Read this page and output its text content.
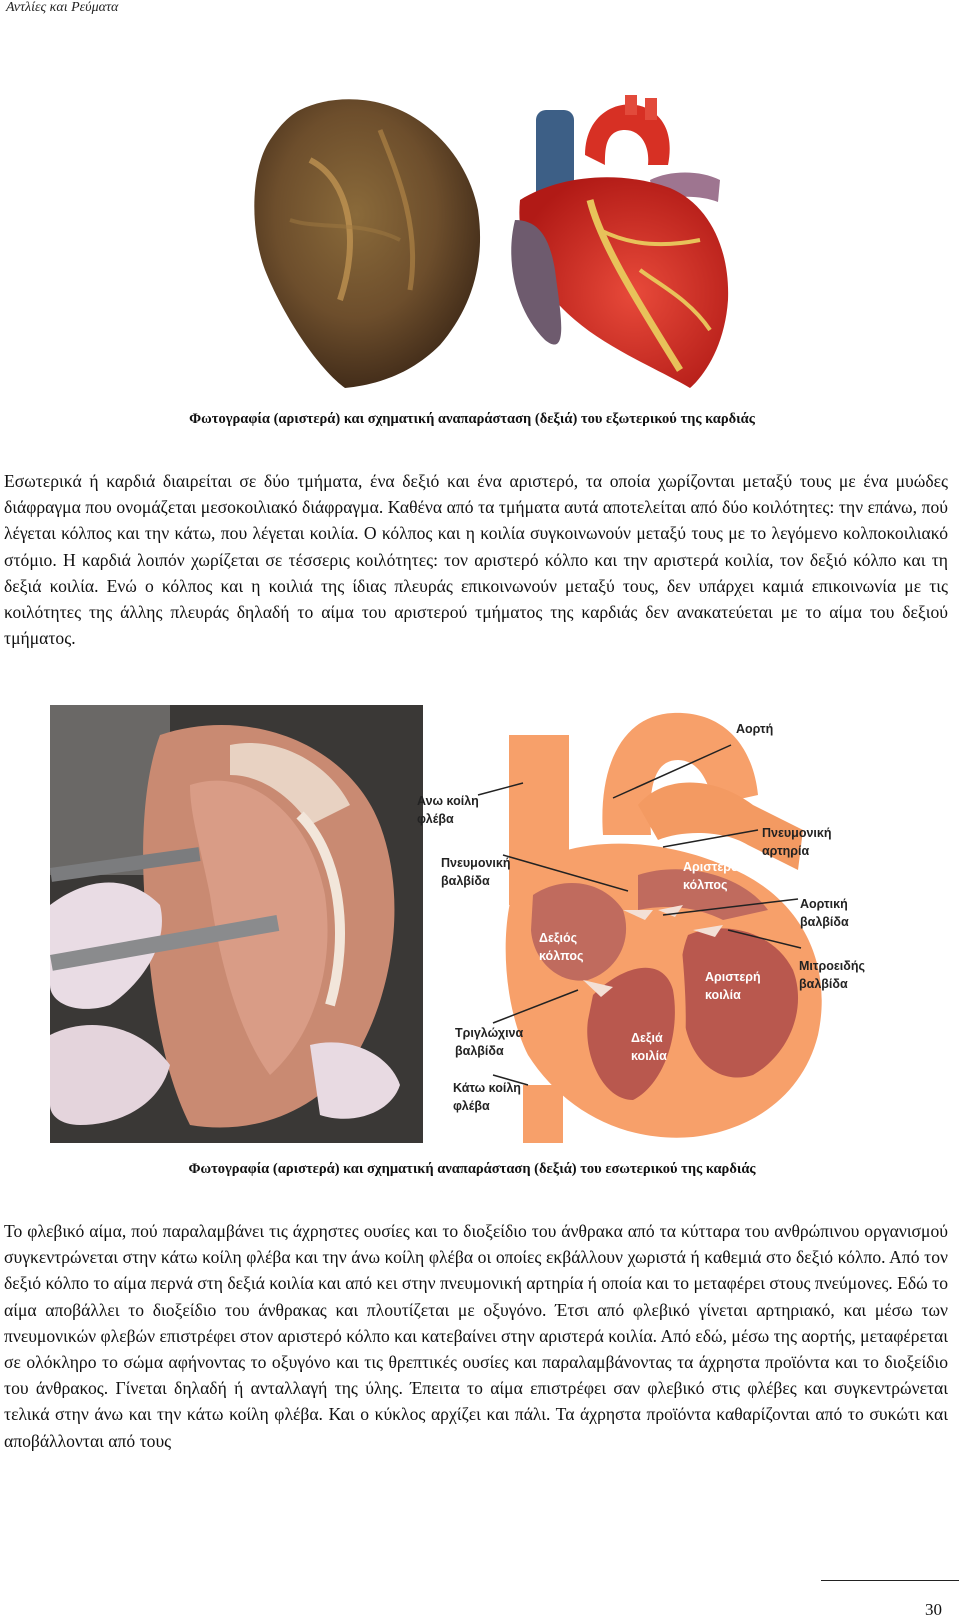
Αντλίες και Ρεύματα
Φωτογραφία (αριστερά) και σχηματική αναπαράσταση (δεξιά) του εξωτερικού της καρδιάς

Εσωτερικά ή καρδιά διαιρείται σε δύο τμήματα, ένα δεξιό και ένα αριστερό, τα οποία χωρίζονται μεταξύ τους με ένα μυώδες διάφραγμα που ονομάζεται μεσοκοιλιακό διάφραγμα. Καθένα από τα τμήματα αυτά αποτελείται από δύο κοιλότητες: την επάνω, πού λέγεται κόλπος και την κάτω, που λέγεται κοιλία. Ο κόλπος και η κοιλία συγκοινωνούν μεταξύ τους με το λεγόμενο κολποκοιλιακό στόμιο. Η καρδιά λοιπόν χωρίζεται σε τέσσερις κοιλότητες: τον αριστερό κόλπο και την αριστερά κοιλία, τον δεξιό κόλπο και τη δεξιά κοιλία. Ενώ ο κόλπος και η κοιλιά της ίδιας πλευράς επικοινωνούν μεταξύ τους, δεν υπάρχει καμιά επικοινωνία με τις κοιλότητες της άλλης πλευράς δηλαδή το αίμα του αριστερού τμήματος της καρδιάς δεν ανακατεύεται με το αίμα του δεξιού τμήματος.

Αορτή
Ανω κοίλη
φλέβα
Πνευμονική
αρτηρία
Πνευμονική
βαλβίδα
Αορτική
βαλβίδα
Μιτροειδής
βαλβίδα
Τριγλώχινα
βαλβίδα
Κάτω κοίλη
φλέβα
Αριστερό
κόλπος
Δεξιός
κόλπος
Αριστερή
κοιλία
Δεξιά
κοιλία
Φωτογραφία (αριστερά) και σχηματική αναπαράσταση (δεξιά) του εσωτερικού της καρδιάς

Το φλεβικό αίμα, πού παραλαμβάνει τις άχρηστες ουσίες και το διοξείδιο του άνθρακα από τα κύτταρα του ανθρώπινου οργανισμού συγκεντρώνεται στην κάτω κοίλη φλέβα και την άνω κοίλη φλέβα οι οποίες εκβάλλουν χωριστά ή καθεμιά στο δεξιό κόλπο. Από τον δεξιό κόλπο το αίμα περνά στη δεξιά κοιλία και από κει στην πνευμονική αρτηρία ή οποία και το μεταφέρει στους πνεύμονες. Εδώ το αίμα αποβάλλει το διοξείδιο του άνθρακας και πλουτίζεται με οξυγόνο. Έτσι από φλεβικό γίνεται αρτηριακό, και μέσω των πνευμονικών φλεβών επιστρέφει στον αριστερό κόλπο και κατεβαίνει στην αριστερά κοιλία. Από εδώ, μέσω της αορτής, μεταφέρεται σε ολόκληρο το σώμα αφήνοντας το οξυγόνο και τις θρεπτικές ουσίες και παραλαμβάνοντας τα άχρηστα προϊόντα και το διοξείδιο του άνθρακος. Γίνεται δηλαδή ή ανταλλαγή της ύλης. Έπειτα το αίμα επιστρέφει σαν φλεβικό στις φλέβες και συγκεντρώνεται τελικά στην άνω και την κάτω κοίλη φλέβα. Και ο κύκλος αρχίζει και πάλι. Τα άχρηστα προϊόντα καθαρίζονται από το συκώτι και αποβάλλονται από τους

30
